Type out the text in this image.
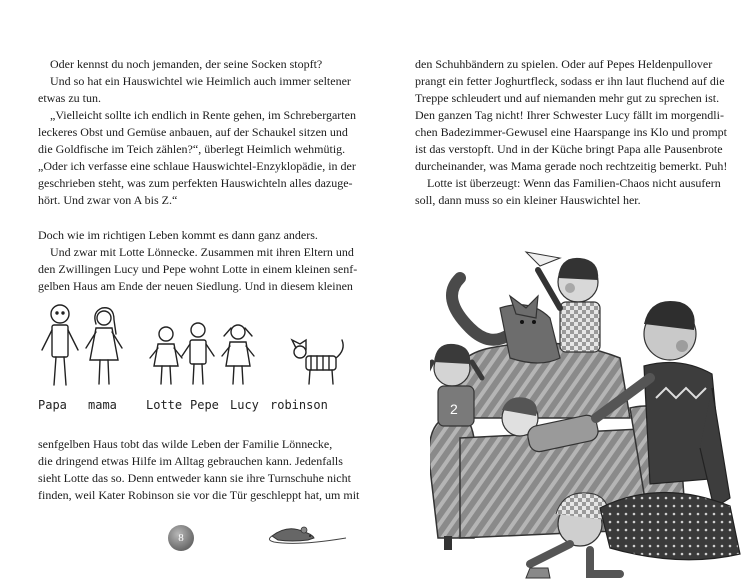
Oder kennst du noch jemanden, der seine Socken stopft?

Und so hat ein Hauswichtel wie Heimlich auch immer seltener

etwas zu tun.

„Vielleicht sollte ich endlich in Rente gehen, im Schrebergarten

leckeres Obst und Gemüse anbauen, auf der Schaukel sitzen und

die Goldfische im Teich zählen?“, überlegt Heimlich wehmütig.

„Oder ich verfasse eine schlaue Hauswichtel-Enzyklopädie, in der

geschrieben steht, was zum perfekten Hauswichteln alles dazuge-

hört. Und zwar von A bis Z.“

Doch wie im richtigen Leben kommt es dann ganz anders.

Und zwar mit Lotte Lönnecke. Zusammen mit ihren Eltern und

den Zwillingen Lucy und Pepe wohnt Lotte in einem kleinen senf-

gelben Haus am Ende der neuen Siedlung. Und in diesem kleinen

Papa mama Lotte Pepe Lucy robinson

senfgelben Haus tobt das wilde Leben der Familie Lönnecke,

die dringend etwas Hilfe im Alltag gebrauchen kann. Jedenfalls

sieht Lotte das so. Denn entweder kann sie ihre Turnschuhe nicht

finden, weil Kater Robinson sie vor die Tür geschleppt hat, um mit

8

den Schuhbändern zu spielen. Oder auf Pepes Heldenpullover

prangt ein fetter Joghurtfleck, sodass er ihn laut fluchend auf die

Treppe schleudert und auf niemanden mehr gut zu sprechen ist.

Den ganzen Tag nicht! Ihrer Schwester Lucy fällt im morgendli-

chen Badezimmer-Gewusel eine Haarspange ins Klo und prompt

ist das verstopft. Und in der Küche bringt Papa alle Pausenbrote

durcheinander, was Mama gerade noch rechtzeitig bemerkt. Puh!

Lotte ist überzeugt: Wenn das Familien-Chaos nicht ausufern

soll, dann muss so ein kleiner Hauswichtel her.

2
